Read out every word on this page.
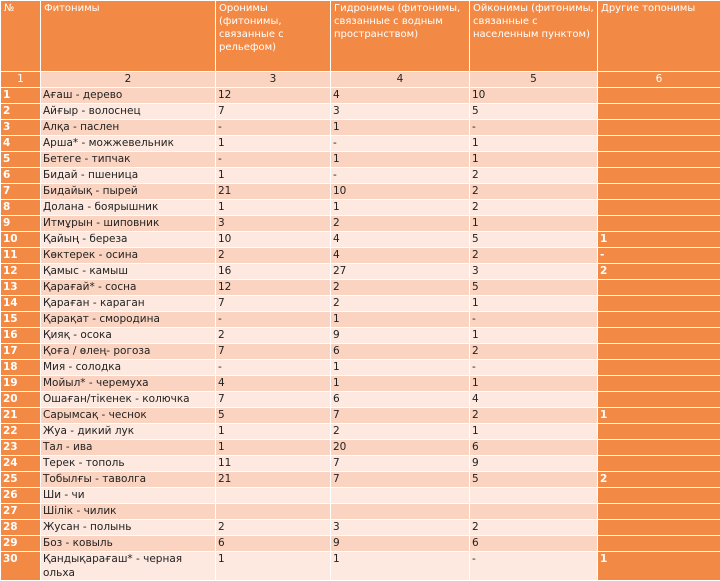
№	Фитонимы	Оронимы (фитонимы, связанные с рельефом)	Гидронимы (фитонимы, связанные с водным пространством)	Ойконимы (фитонимы, связанные с населенным пунктом)	Другие топонимы
1	2	3	4	5	6
1	Ағаш - дерево	12	4	10	
2	Айғыр - волоснец	7	3	5	
3	Алқа - паслен	-	1	-	
4	Арша* - можжевельник	1	-	1	
5	Бетеге - типчак	-	1	1	
6	Бидай - пшеница	1	-	2	
7	Бидайық - пырей	21	10	2	
8	Долана - боярышник	1	1	2	
9	Итмұрын - шиповник	3	2	1	
10	Қайың - береза	10	4	5	1
11	Көктерек - осина	2	4	2	-
12	Қамыс - камыш	16	27	3	2
13	Қарағай* - сосна	12	2	5	
14	Қараған - караган	7	2	1	
15	Қарақат - смородина	-	1	-	
16	Қияқ - осока	2	9	1	
17	Қоға / өлең- рогоза	7	6	2	
18	Мия - солодка	-	1	-	
19	Мойыл* - черемуха	4	1	1	
20	Ошаған/тікенек - колючка	7	6	4	
21	Сарымсақ - чеснок	5	7	2	1
22	Жуа - дикий лук	1	2	1	
23	Тал - ива	1	20	6	
24	Терек - тополь	11	7	9	
25	Тобылғы - таволга	21	7	5	2
26	Ши - чи				
27	Шілік - чилик				
28	Жусан - полынь	2	3	2	
29	Боз - ковыль	6	9	6	
30	Қандықарағаш* - черная ольха	1	1	-	1
